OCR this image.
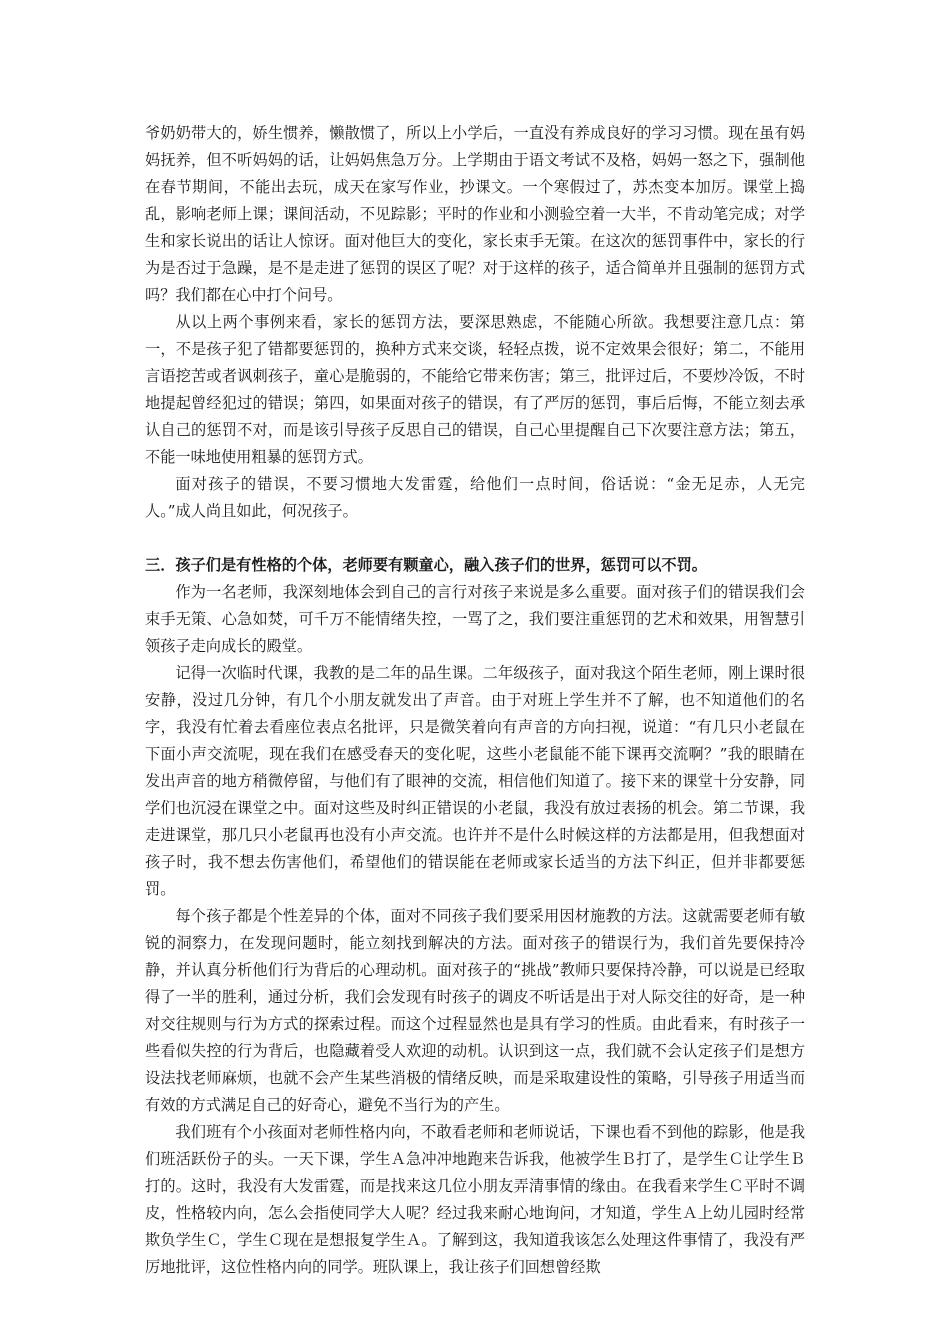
爷奶奶带大的，娇生惯养，懒散惯了，所以上小学后，一直没有养成良好的学习习惯。现在虽有妈妈抚养，但不听妈妈的话，让妈妈焦急万分。上学期由于语文考试不及格，妈妈一怒之下，强制他在春节期间，不能出去玩，成天在家写作业，抄课文。一个寒假过了，苏杰变本加厉。课堂上捣乱，影响老师上课；课间活动，不见踪影；平时的作业和小测验空着一大半，不肯动笔完成；对学生和家长说出的话让人惊讶。面对他巨大的变化，家长束手无策。在这次的惩罚事件中，家长的行为是否过于急躁，是不是走进了惩罚的误区了呢？对于这样的孩子，适合简单并且强制的惩罚方式吗？我们都在心中打个问号。

从以上两个事例来看，家长的惩罚方法，要深思熟虑，不能随心所欲。我想要注意几点：第一，不是孩子犯了错都要惩罚的，换种方式来交谈，轻轻点拨，说不定效果会很好；第二，不能用言语挖苦或者讽刺孩子，童心是脆弱的，不能给它带来伤害；第三，批评过后，不要炒冷饭，不时地提起曾经犯过的错误；第四，如果面对孩子的错误，有了严厉的惩罚，事后后悔，不能立刻去承认自己的惩罚不对，而是该引导孩子反思自己的错误，自己心里提醒自己下次要注意方法；第五，不能一味地使用粗暴的惩罚方式。

面对孩子的错误，不要习惯地大发雷霆，给他们一点时间，俗话说：“金无足赤，人无完人。”成人尚且如此，何况孩子。

三．孩子们是有性格的个体，老师要有颗童心，融入孩子们的世界，惩罚可以不罚。

作为一名老师，我深刻地体会到自己的言行对孩子来说是多么重要。面对孩子们的错误我们会束手无策、心急如焚，可千万不能情绪失控，一骂了之，我们要注重惩罚的艺术和效果，用智慧引领孩子走向成长的殿堂。

记得一次临时代课，我教的是二年的品生课。二年级孩子，面对我这个陌生老师，刚上课时很安静，没过几分钟，有几个小朋友就发出了声音。由于对班上学生并不了解，也不知道他们的名字，我没有忙着去看座位表点名批评，只是微笑着向有声音的方向扫视，说道：“有几只小老鼠在下面小声交流呢，现在我们在感受春天的变化呢，这些小老鼠能不能下课再交流啊？”我的眼睛在发出声音的地方稍微停留，与他们有了眼神的交流，相信他们知道了。接下来的课堂十分安静，同学们也沉浸在课堂之中。面对这些及时纠正错误的小老鼠，我没有放过表扬的机会。第二节课，我走进课堂，那几只小老鼠再也没有小声交流。也许并不是什么时候这样的方法都是用，但我想面对孩子时，我不想去伤害他们，希望他们的错误能在老师或家长适当的方法下纠正，但并非都要惩罚。

每个孩子都是个性差异的个体，面对不同孩子我们要采用因材施教的方法。这就需要老师有敏锐的洞察力，在发现问题时，能立刻找到解决的方法。面对孩子的错误行为，我们首先要保持冷静，并认真分析他们行为背后的心理动机。面对孩子的“挑战”教师只要保持冷静，可以说是已经取得了一半的胜利，通过分析，我们会发现有时孩子的调皮不听话是出于对人际交往的好奇，是一种对交往规则与行为方式的探索过程。而这个过程显然也是具有学习的性质。由此看来，有时孩子一些看似失控的行为背后，也隐藏着受人欢迎的动机。认识到这一点，我们就不会认定孩子们是想方设法找老师麻烦，也就不会产生某些消极的情绪反映，而是采取建设性的策略，引导孩子用适当而有效的方式满足自己的好奇心，避免不当行为的产生。

我们班有个小孩面对老师性格内向，不敢看老师和老师说话，下课也看不到他的踪影，他是我们班活跃份子的头。一天下课，学生Ａ急冲冲地跑来告诉我，他被学生Ｂ打了，是学生Ｃ让学生Ｂ打的。这时，我没有大发雷霆，而是找来这几位小朋友弄清事情的缘由。在我看来学生Ｃ平时不调皮，性格较内向，怎么会指使同学大人呢？经过我来耐心地询问，才知道，学生Ａ上幼儿园时经常欺负学生Ｃ，学生Ｃ现在是想报复学生Ａ。了解到这，我知道我该怎么处理这件事情了，我没有严厉地批评，这位性格内向的同学。班队课上，我让孩子们回想曾经欺
